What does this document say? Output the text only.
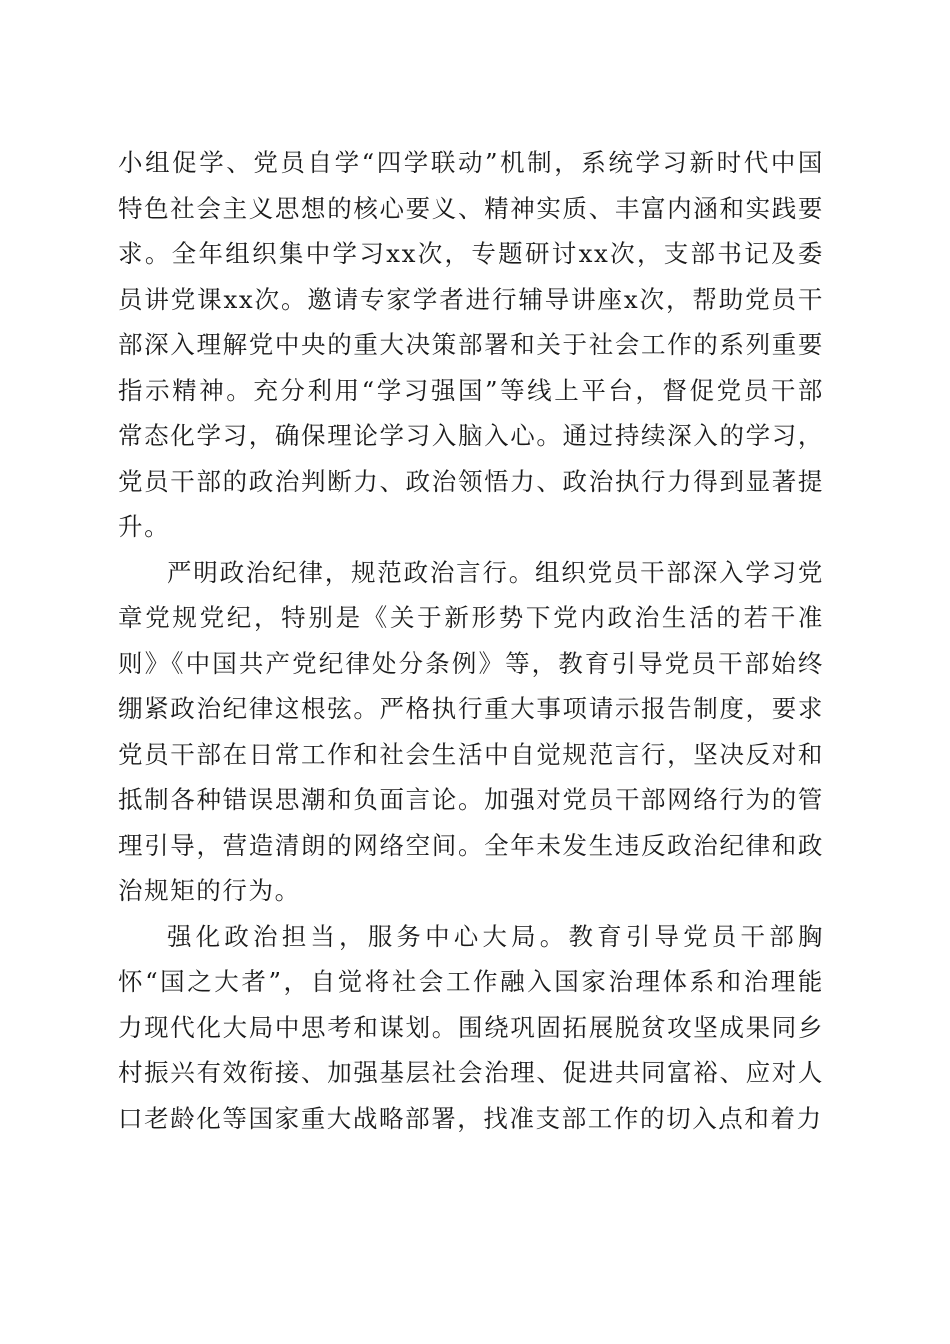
小组促学、党员自学“四学联动”机制，系统学习新时代中国特色社会主义思想的核心要义、精神实质、丰富内涵和实践要求。全年组织集中学习xx次，专题研讨xx次，支部书记及委员讲党课xx次。邀请专家学者进行辅导讲座x次，帮助党员干部深入理解党中央的重大决策部署和关于社会工作的系列重要指示精神。充分利用“学习强国”等线上平台，督促党员干部常态化学习，确保理论学习入脑入心。通过持续深入的学习，党员干部的政治判断力、政治领悟力、政治执行力得到显著提升。

严明政治纪律，规范政治言行。组织党员干部深入学习党章党规党纪，特别是《关于新形势下党内政治生活的若干准则》《中国共产党纪律处分条例》等，教育引导党员干部始终绷紧政治纪律这根弦。严格执行重大事项请示报告制度，要求党员干部在日常工作和社会生活中自觉规范言行，坚决反对和抵制各种错误思潮和负面言论。加强对党员干部网络行为的管理引导，营造清朗的网络空间。全年未发生违反政治纪律和政治规矩的行为。

强化政治担当，服务中心大局。教育引导党员干部胸怀“国之大者”，自觉将社会工作融入国家治理体系和治理能力现代化大局中思考和谋划。围绕巩固拓展脱贫攻坚成果同乡村振兴有效衔接、加强基层社会治理、促进共同富裕、应对人口老龄化等国家重大战略部署，找准支部工作的切入点和着力
